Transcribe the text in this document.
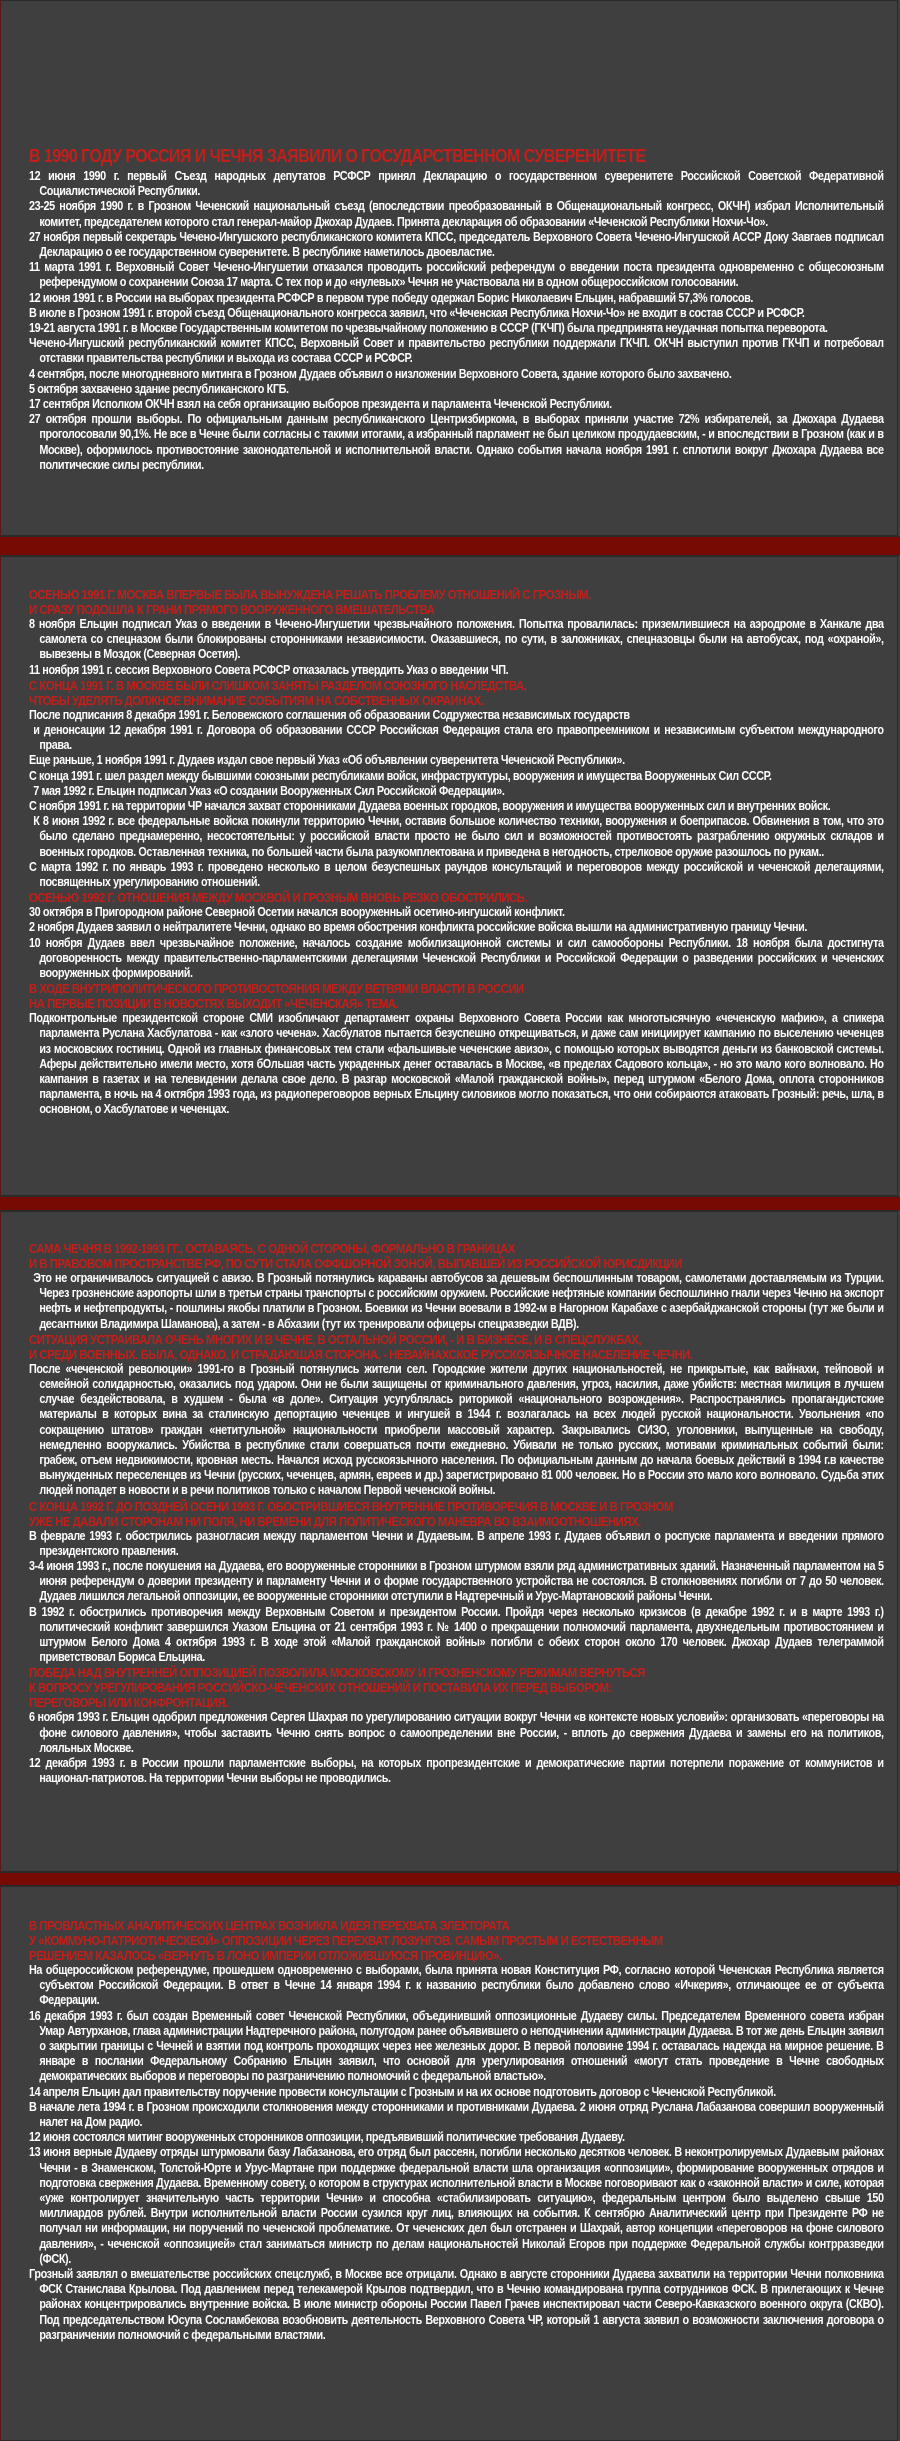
В 1990 ГОДУ РОССИЯ И ЧЕЧНЯ ЗАЯВИЛИ О ГОСУДАРСТВЕННОМ СУВЕРЕНИТЕТЕ

12 июня 1990 г. первый Съезд народных депутатов РСФСР принял Декларацию о государственном суверенитете Российской Советской Федеративной Социалистической Республики.

23-25 ноября 1990 г. в Грозном Чеченский национальный съезд (впоследствии преобразованный в Общенациональный конгресс, ОКЧН) избрал Исполнительный комитет, председателем которого стал генерал-майор Джохар Дудаев. Принята декларация об образовании «Чеченской Республики Нохчи-Чо».

27 ноября первый секретарь Чечено-Ингушского республиканского комитета КПСС, председатель Верховного Совета Чечено-Ингушской АССР Доку Завгаев подписал Декларацию о ее государственном суверенитете. В республике наметилось двоевластие.

11 марта 1991 г. Верховный Совет Чечено-Ингушетии отказался проводить российский референдум о введении поста президента одновременно с общесоюзным референдумом о сохранении Союза 17 марта. С тех пор и до «нулевых» Чечня не участвовала ни в одном общероссийском голосовании.

12 июня 1991 г. в России на выборах президента РСФСР в первом туре победу одержал Борис Николаевич Ельцин, набравший 57,3% голосов.

В июле в Грозном 1991 г. второй съезд Общенационального конгресса заявил, что «Чеченская Республика Нохчи-Чо» не входит в состав СССР и РСФСР.

19-21 августа 1991 г. в Москве Государственным комитетом по чрезвычайному положению в СССР (ГКЧП) была предпринята неудачная попытка переворота.

Чечено-Ингушский республиканский комитет КПСС, Верховный Совет и правительство республики поддержали ГКЧП. ОКЧН выступил против ГКЧП и потребовал отставки правительства республики и выхода из состава СССР и РСФСР.

4 сентября, после многодневного митинга в Грозном Дудаев объявил о низложении Верховного Совета, здание которого было захвачено.

5 октября захвачено здание республиканского КГБ.

17 сентября Исполком ОКЧН взял на себя организацию выборов президента и парламента Чеченской Республики.

27 октября прошли выборы. По официальным данным республиканского Центризбиркома, в выборах приняли участие 72% избирателей, за Джохара Дудаева проголосовали 90,1%. Не все в Чечне были согласны с такими итогами, а избранный парламент не был целиком продудаевским, - и впоследствии в Грозном (как и в Москве), оформилось противостояние законодательной и исполнительной власти. Однако события начала ноября 1991 г. сплотили вокруг Джохара Дудаева все политические силы республики.

ОСЕНЬЮ 1991 Г. МОСКВА ВПЕРВЫЕ БЫЛА ВЫНУЖДЕНА РЕШАТЬ ПРОБЛЕМУ ОТНОШЕНИЙ С ГРОЗНЫМ,
И СРАЗУ ПОДОШЛА К ГРАНИ ПРЯМОГО ВООРУЖЕННОГО ВМЕШАТЕЛЬСТВА

8 ноября Ельцин подписал Указ о введении в Чечено-Ингушетии чрезвычайного положения. Попытка провалилась: приземлившиеся на аэродроме в Ханкале два самолета со спецназом были блокированы сторонниками независимости. Оказавшиеся, по сути, в заложниках, спецназовцы были на автобусах, под «охраной», вывезены в Моздок (Северная Осетия).

11 ноября 1991 г. сессия Верховного Совета РСФСР отказалась утвердить Указ о введении ЧП.

С КОНЦА 1991 Г. В МОСКВЕ БЫЛИ СЛИШКОМ ЗАНЯТЫ РАЗДЕЛОМ СОЮЗНОГО НАСЛЕДСТВА,
ЧТОБЫ УДЕЛЯТЬ ДОЛЖНОЕ ВНИМАНИЕ СОБЫТИЯМ НА СОБСТВЕННЫХ ОКРАИНАХ.

После подписания 8 декабря 1991 г. Беловежского соглашения об образовании Содружества независимых государств

и денонсации 12 декабря 1991 г. Договора об образовании СССР Российская Федерация стала его правопреемником и независимым субъектом международного права.

Еще раньше, 1 ноября 1991 г. Дудаев издал свое первый Указ «Об объявлении суверенитета Чеченской Республики».

С конца 1991 г. шел раздел между бывшими союзными республиками войск, инфраструктуры, вооружения и имущества Вооруженных Сил СССР.

7 мая 1992 г. Ельцин подписал Указ «О создании Вооруженных Сил Российской Федерации».

С ноября 1991 г. на территории ЧР начался захват сторонниками Дудаева военных городков, вооружения и имущества вооруженных сил и внутренних войск.

К 8 июня 1992 г. все федеральные войска покинули территорию Чечни, оставив большое количество техники, вооружения и боеприпасов. Обвинения в том, что это было сделано преднамеренно, несостоятельны: у российской власти просто не было сил и возможностей противостоять разграблению окружных складов и военных городков. Оставленная техника, по большей части была разукомплектована и приведена в негодность, стрелковое оружие разошлось по рукам..

С марта 1992 г. по январь 1993 г. проведено несколько в целом безуспешных раундов консультаций и переговоров между российской и чеченской делегациями, посвященных урегулированию отношений.

ОСЕНЬЮ 1992 Г. ОТНОШЕНИЯ МЕЖДУ МОСКВОЙ И ГРОЗНЫМ ВНОВЬ РЕЗКО ОБОСТРИЛИСЬ.

30 октября в Пригородном районе Северной Осетии начался вооруженный осетино-ингушский конфликт.

2 ноября Дудаев заявил о нейтралитете Чечни, однако во время обострения конфликта российские войска вышли на административную границу Чечни.

10 ноября Дудаев ввел чрезвычайное положение, началось создание мобилизационной системы и сил самообороны Республики. 18 ноября была достигнута договоренность между правительственно-парламентскими делегациями Чеченской Республики и Российской Федерации о разведении российских и чеченских вооруженных формирований.

В ХОДЕ ВНУТРИПОЛИТИЧЕСКОГО ПРОТИВОСТОЯНИЯ МЕЖДУ ВЕТВЯМИ ВЛАСТИ В РОССИИ
НА ПЕРВЫЕ ПОЗИЦИИ В НОВОСТЯХ ВЫХОДИТ «ЧЕЧЕНСКАЯ» ТЕМА.

Подконтрольные президентской стороне СМИ изобличают департамент охраны Верховного Совета России как многотысячную «чеченскую мафию», а спикера парламента Руслана Хасбулатова - как «злого чечена». Хасбулатов пытается безуспешно открещиваться, и даже сам инициирует кампанию по выселению чеченцев из московских гостиниц. Одной из главных финансовых тем стали «фальшивые чеченские авизо», с помощью которых выводятся деньги из банковской системы. Аферы действительно имели место, хотя бОльшая часть украденных денег оставалась в Москве, «в пределах Садового кольца», - но это мало кого волновало. Но кампания в газетах и на телевидении делала свое дело. В разгар московской «Малой гражданской войны», перед штурмом «Белого Дома, оплота сторонников парламента, в ночь на 4 октября 1993 года, из радиопереговоров верных Ельцину силовиков могло показаться, что они собираются атаковать Грозный: речь, шла, в основном, о Хасбулатове и чеченцах.

САМА ЧЕЧНЯ В 1992-1993 ГГ., ОСТАВАЯСЬ, С ОДНОЙ СТОРОНЫ, ФОРМАЛЬНО В ГРАНИЦАХ
И В ПРАВОВОМ ПРОСТРАНСТВЕ РФ, ПО СУТИ СТАЛА ОФФШОРНОЙ ЗОНОЙ, ВЫПАВШЕЙ ИЗ РОССИЙСКОЙ ЮРИСДИКЦИИ

Это не ограничивалось ситуацией с авизо. В Грозный потянулись караваны автобусов за дешевым беспошлинным товаром, самолетами доставляемым из Турции. Через грозненские аэропорты шли в третьи страны транспорты с российским оружием. Российские нефтяные компании беспошлинно гнали через Чечню на экспорт нефть и нефтепродукты, - пошлины якобы платили в Грозном. Боевики из Чечни воевали в 1992-м в Нагорном Карабахе с азербайджанской стороны (тут же были и десантники Владимира Шаманова), а затем - в Абхазии (тут их тренировали офицеры спецразведки ВДВ).

СИТУАЦИЯ УСТРАИВАЛА ОЧЕНЬ МНОГИХ И В ЧЕЧНЕ, В ОСТАЛЬНОЙ РОССИИ, - И В БИЗНЕСЕ, И В СПЕЦСЛУЖБАХ,
И СРЕДИ ВОЕННЫХ. БЫЛА, ОДНАКО, И СТРАДАЮЩАЯ СТОРОНА, - НЕВАЙНАХСКОЕ РУССКОЯЗЫЧНОЕ НАСЕЛЕНИЕ ЧЕЧНИ.

После «чеченской революции» 1991-го в Грозный потянулись жители сел. Городские жители других национальностей, не прикрытые, как вайнахи, тейповой и семейной солидарностью, оказались под ударом. Они не были защищены от криминального давления, угроз, насилия, даже убийств: местная милиция в лучшем случае бездействовала, в худшем - была «в доле». Ситуация усугублялась риторикой «национального возрождения». Распространялись пропагандистские материалы в которых вина за сталинскую депортацию чеченцев и ингушей в 1944 г. возлагалась на всех людей русской национальности. Увольнения «по сокращению штатов» граждан «нетитульной» национальности приобрели массовый характер. Закрывались СИЗО, уголовники, выпущенные на свободу, немедленно вооружались. Убийства в республике стали совершаться почти ежедневно. Убивали не только русских, мотивами криминальных событий были: грабеж, отъем недвижимости, кровная месть. Начался исход русскоязычного населения. По официальным данным до начала боевых действий в 1994 г.в качестве вынужденных переселенцев из Чечни (русских, чеченцев, армян, евреев и др.) зарегистрировано 81 000 человек. Но в России это мало кого волновало. Судьба этих людей попадет в новости и в речи политиков только с началом Первой чеченской войны.

С КОНЦА 1992 Г. ДО ПОЗДНЕЙ ОСЕНИ 1993 Г. ОБОСТРИВШИЕСЯ ВНУТРЕННИЕ ПРОТИВОРЕЧИЯ В МОСКВЕ И В ГРОЗНОМ
УЖЕ НЕ ДАВАЛИ СТОРОНАМ НИ ПОЛЯ, НИ ВРЕМЕНИ ДЛЯ ПОЛИТИЧЕСКОГО МАНЕВРА ВО ВЗАИМООТНОШЕНИЯХ.

В феврале 1993 г. обострились разногласия между парламентом Чечни и Дудаевым. В апреле 1993 г. Дудаев объявил о роспуске парламента и введении прямого президентского правления.

3-4 июня 1993 г., после покушения на Дудаева, его вооруженные сторонники в Грозном штурмом взяли ряд административных зданий. Назначенный парламентом на 5 июня референдум о доверии президенту и парламенту Чечни и о форме государственного устройства не состоялся. В столкновениях погибли от 7 до 50 человек. Дудаев лишился легальной оппозиции, ее вооруженные сторонники отступили в Надтеречный и Урус-Мартановский районы Чечни.

В 1992 г. обострились противоречия между Верховным Советом и президентом России. Пройдя через несколько кризисов (в декабре 1992 г. и в марте 1993 г.) политический конфликт завершился Указом Ельцина от 21 сентября 1993 г. № 1400 о прекращении полномочий парламента, двухнедельным противостоянием и штурмом Белого Дома 4 октября 1993 г. В ходе этой «Малой гражданской войны» погибли с обеих сторон около 170 человек. Джохар Дудаев телеграммой приветствовал Бориса Ельцина.

ПОБЕДА НАД ВНУТРЕННЕЙ ОППОЗИЦИЕЙ ПОЗВОЛИЛА МОСКОВСКОМУ И ГРОЗНЕНСКОМУ РЕЖИМАМ ВЕРНУТЬСЯ
К ВОПРОСУ УРЕГУЛИРОВАНИЯ РОССИЙСКО-ЧЕЧЕНСКИХ ОТНОШЕНИЙ И ПОСТАВИЛА ИХ ПЕРЕД ВЫБОРОМ:
ПЕРЕГОВОРЫ ИЛИ КОНФРОНТАЦИЯ.

6 ноября 1993 г. Ельцин одобрил предложения Сергея Шахрая по урегулированию ситуации вокруг Чечни «в контексте новых условий»: организовать «переговоры на фоне силового давления», чтобы заставить Чечню снять вопрос о самоопределении вне России, - вплоть до свержения Дудаева и замены его на политиков, лояльных Москве.

12 декабря 1993 г. в России прошли парламентские выборы, на которых пропрезидентские и демократические партии потерпели поражение от коммунистов и национал-патриотов. На территории Чечни выборы не проводились.

В ПРОВЛАСТНЫХ АНАЛИТИЧЕСКИХ ЦЕНТРАХ ВОЗНИКЛА ИДЕЯ ПЕРЕХВАТА ЭЛЕКТОРАТА
У «КОММУНО-ПАТРИОТИЧЕСКЕОЙ» ОППОЗИЦИИ ЧЕРЕЗ ПЕРЕХВАТ ЛОЗУНГОВ. САМЫМ ПРОСТЫМ И ЕСТЕСТВЕННЫМ
РЕШЕНИЕМ КАЗАЛОСЬ «ВЕРНУТЬ В ЛОНО ИМПЕРИИ ОТЛОЖИВШУЮСЯ ПРОВИНЦИЮ».

На общероссийском референдуме, прошедшем одновременно с выборами, была принята новая Конституция РФ, согласно которой Чеченская Республика является субъектом Российской Федерации. В ответ в Чечне 14 января 1994 г. к названию республики было добавлено слово «Ичкерия», отличающее ее от субъекта Федерации.

16 декабря 1993 г. был создан Временный совет Чеченской Республики, объединивший оппозиционные Дудаеву силы. Председателем Временного совета избран Умар Автурханов, глава администрации Надтеречного района, полугодом ранее объявившего о неподчинении администрации Дудаева. В тот же день Ельцин заявил о закрытии границы с Чечней и взятии под контроль проходящих через нее железных дорог. В первой половине 1994 г. оставалась надежда на мирное решение. В январе в послании Федеральному Собранию Ельцин заявил, что основой для урегулирования отношений «могут стать проведение в Чечне свободных демократических выборов и переговоры по разграничению полномочий с федеральной властью».

14 апреля Ельцин дал правительству поручение провести консультации с Грозным и на их основе подготовить договор с Чеченской Республикой.

В начале лета 1994 г. в Грозном происходили столкновения между сторонниками и противниками Дудаева. 2 июня отряд Руслана Лабазанова совершил вооруженный налет на Дом радио.

12 июня состоялся митинг вооруженных сторонников оппозиции, предъявивший политические требования Дудаеву.

13 июня верные Дудаеву отряды штурмовали базу Лабазанова, его отряд был рассеян, погибли несколько десятков человек. В неконтролируемых Дудаевым районах Чечни - в Знаменском, Толстой-Юрте и Урус-Мартане при поддержке федеральной власти шла организация «оппозиции», формирование вооруженных отрядов и подготовка свержения Дудаева. Временному совету, о котором в структурах исполнительной власти в Москве поговоривают как о «законной власти» и силе, которая «уже контролирует значительную часть территории Чечни» и способна «стабилизировать ситуацию», федеральным центром было выделено свыше 150 миллиардов рублей. Внутри исполнительной власти России сузился круг лиц, влияющих на события. К сентябрю Аналитический центр при Президенте РФ не получал ни информации, ни поручений по чеченской проблематике. От чеченских дел был отстранен и Шахрай, автор концепции «переговоров на фоне силового давления», - чеченской «оппозицией» стал заниматься министр по делам национальностей Николай Егоров при поддержке Федеральной службы контрразведки (ФСК).

Грозный заявлял о вмешательстве российских спецслужб, в Москве все отрицали. Однако в августе сторонники Дудаева захватили на территории Чечни полковника ФСК Станислава Крылова. Под давлением перед телекамерой Крылов подтвердил, что в Чечню командирована группа сотрудников ФСК. В прилегающих к Чечне районах концентрировались внутренние войска. В июле министр обороны России Павел Грачев инспектировал части Северо-Кавказского военного округа (СКВО). Под председательством Юсупа Сосламбекова возобновить деятельность Верховного Совета ЧР, который 1 августа заявил о возможности заключения договора о разграничении полномочий с федеральными властями.
